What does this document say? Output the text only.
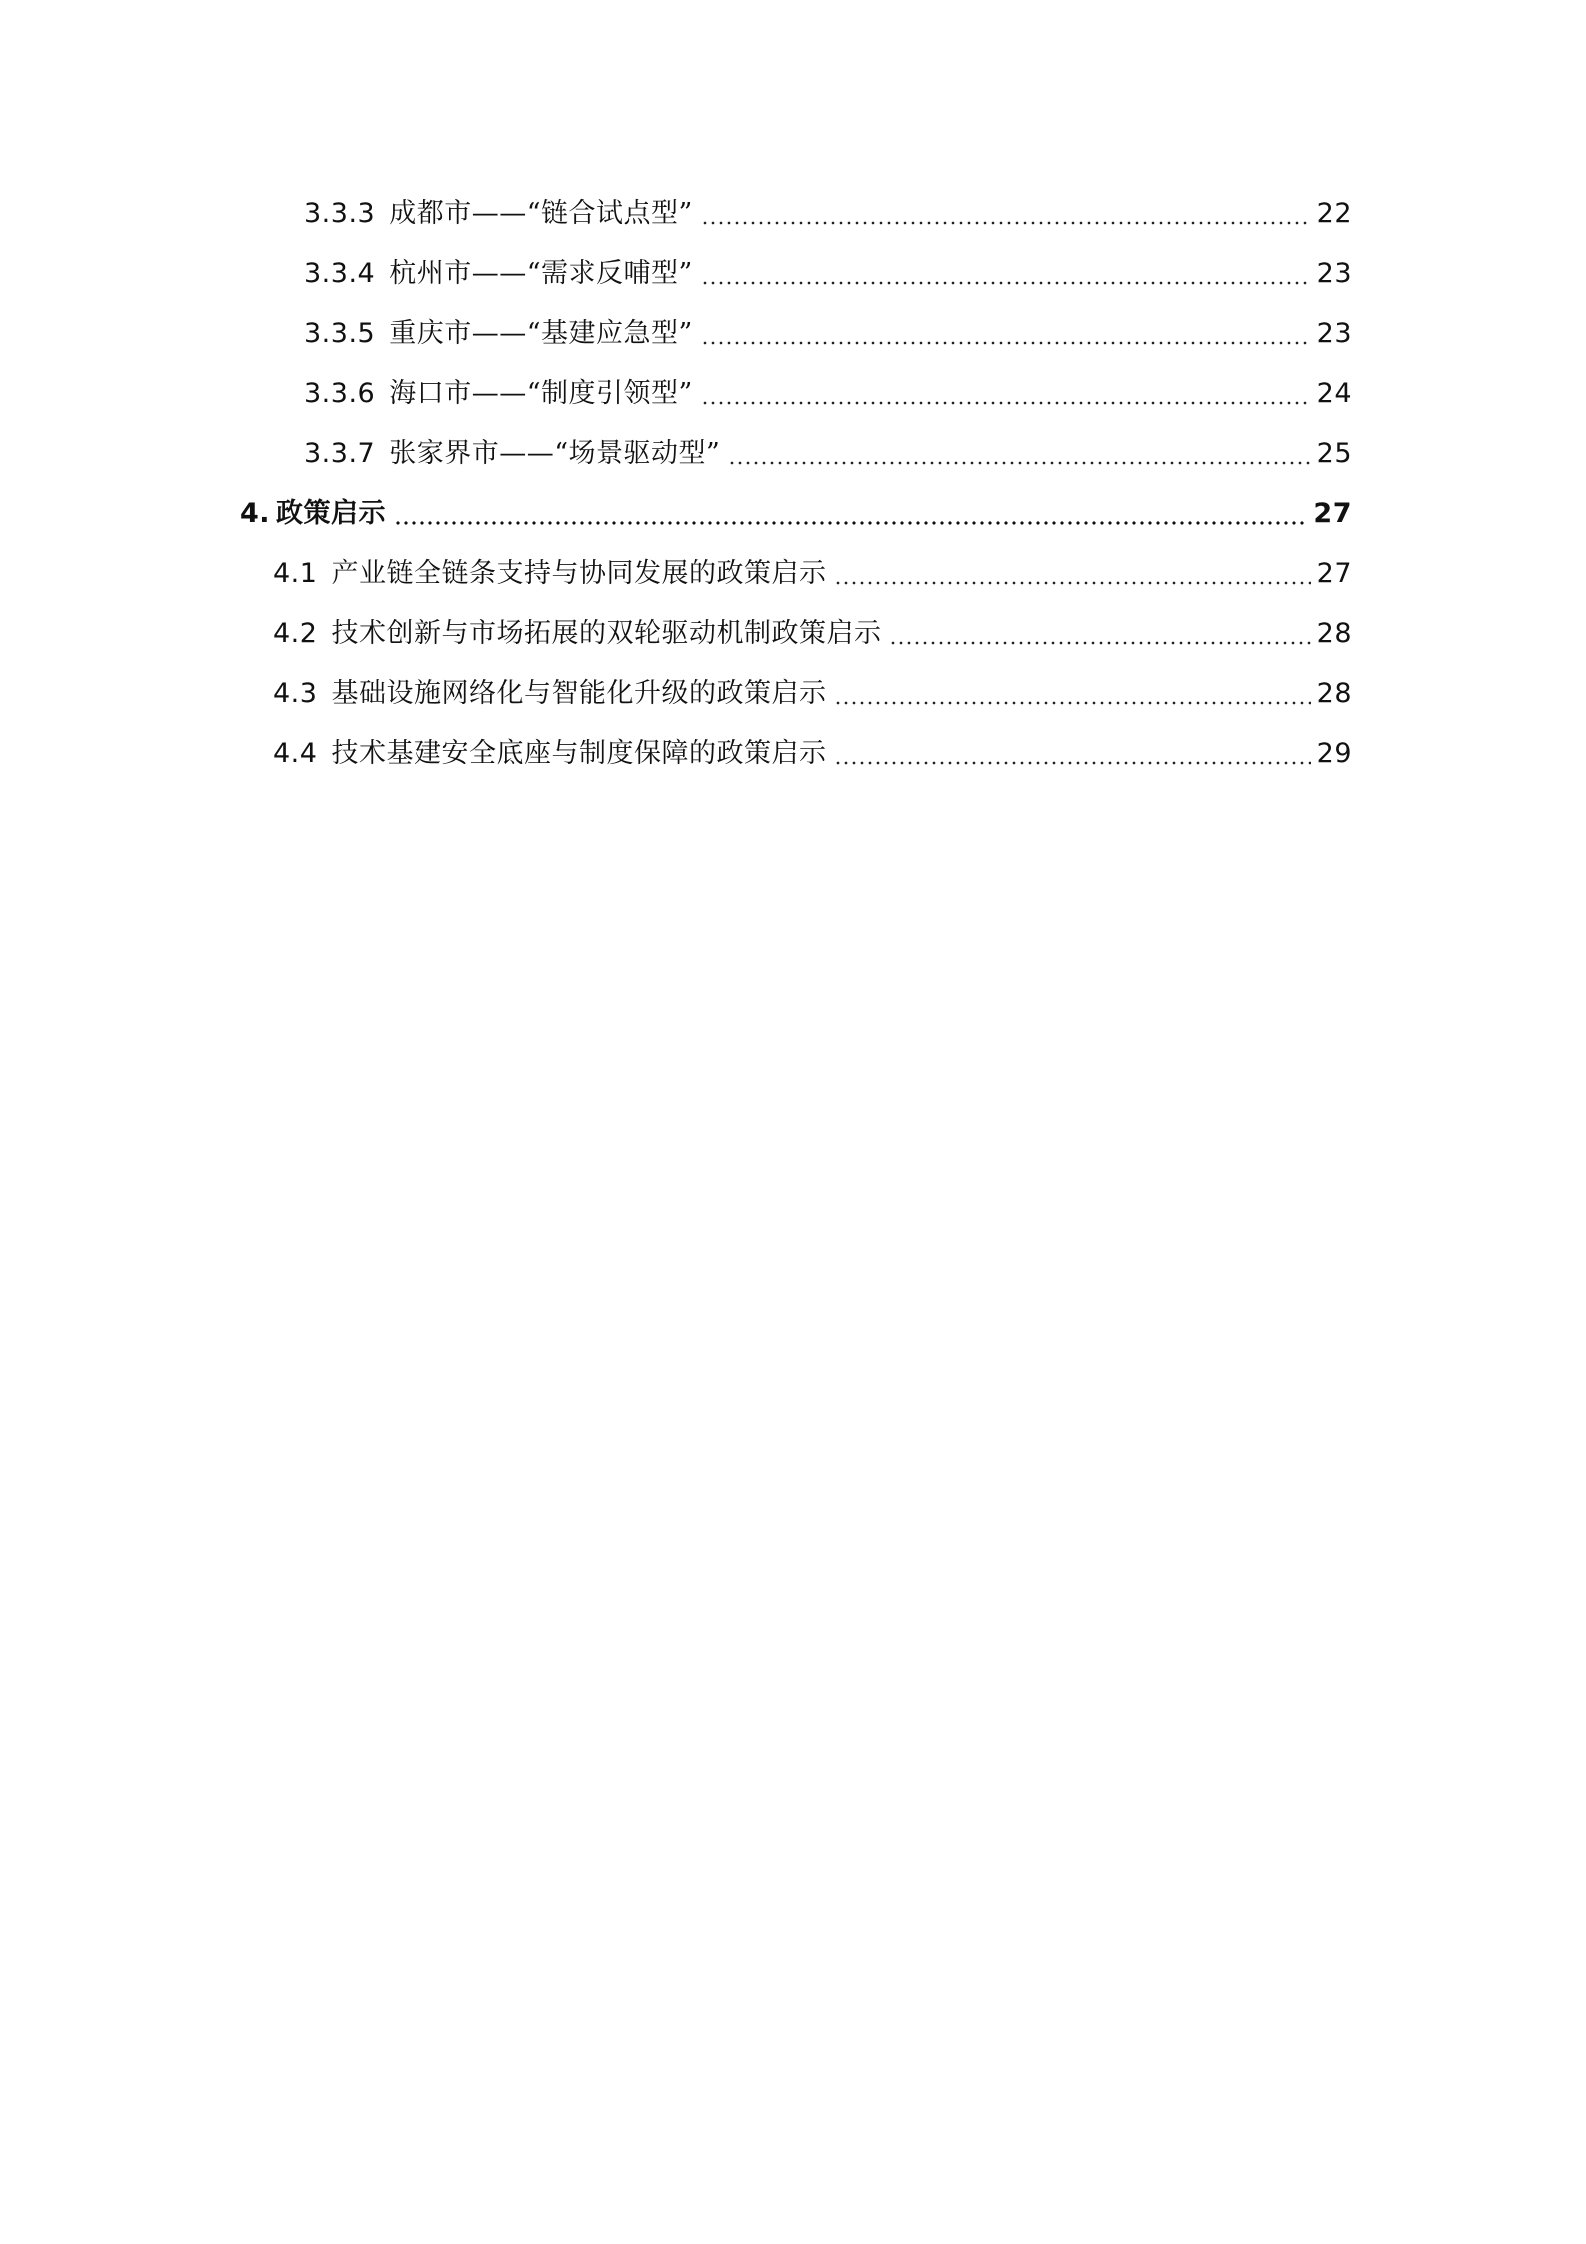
3.3.3 成都市——“链合试点型”	22
3.3.4 杭州市——“需求反哺型”	23
3.3.5 重庆市——“基建应急型”	23
3.3.6 海口市——“制度引领型”	24
3.3.7 张家界市——“场景驱动型”	25
4. 政策启示	27
4.1 产业链全链条支持与协同发展的政策启示	27
4.2 技术创新与市场拓展的双轮驱动机制政策启示	28
4.3 基础设施网络化与智能化升级的政策启示	28
4.4 技术基建安全底座与制度保障的政策启示	29
